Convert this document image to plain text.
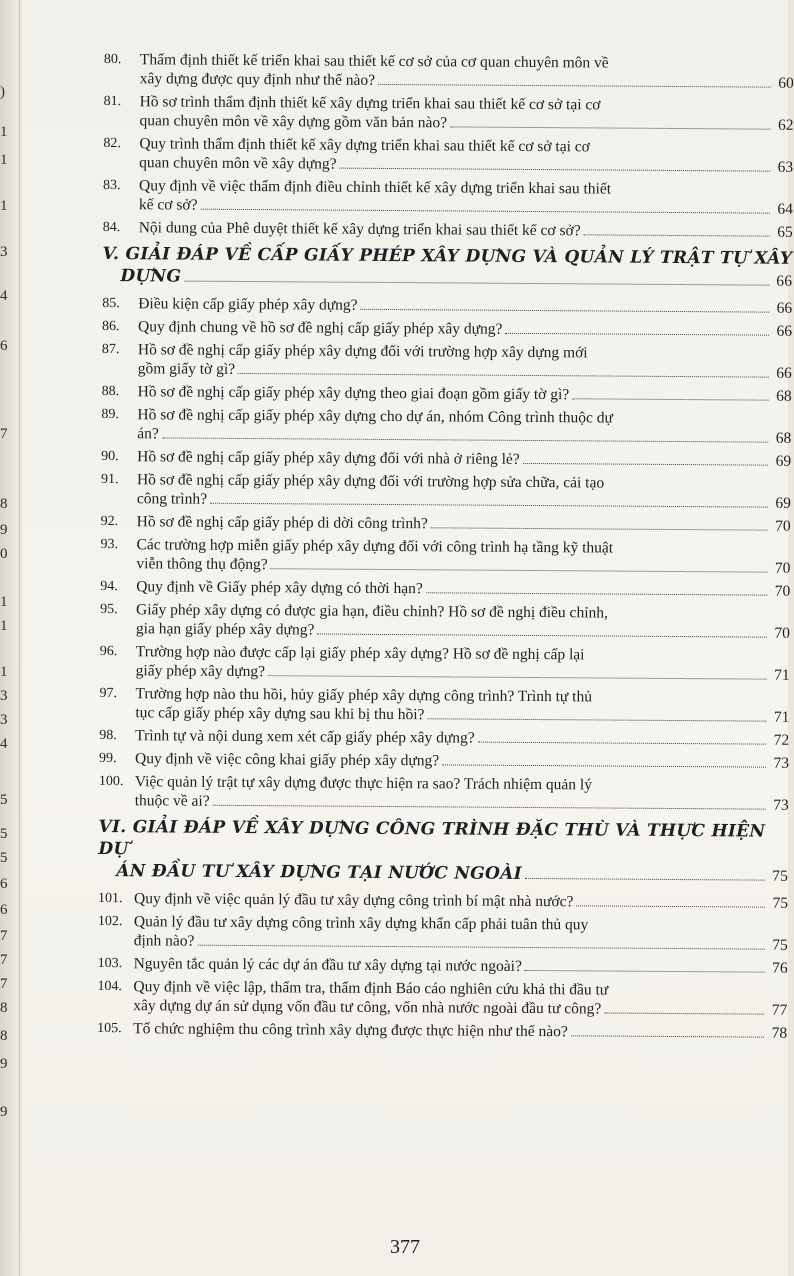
)
1
1
1
3
4
6
7
8
9
0
1
1
1
3
3
4
5
5
5
6
6
7
7
7
8
8
9
9
80.	Thẩm định thiết kế triển khai sau thiết kế cơ sở của cơ quan chuyên môn về
xây dựng được quy định như thế nào?	60
81.	Hồ sơ trình thẩm định thiết kế xây dựng triển khai sau thiết kế cơ sở tại cơ
quan chuyên môn về xây dựng gồm văn bản nào?	62
82.	Quy trình thẩm định thiết kế xây dựng triển khai sau thiết kế cơ sở tại cơ
quan chuyên môn về xây dựng?	63
83.	Quy định về việc thẩm định điều chỉnh thiết kế xây dựng triển khai sau thiết
kế cơ sở?	64
84.	Nội dung của Phê duyệt thiết kế xây dựng triển khai sau thiết kế cơ sở?	65
V. GIẢI ĐÁP VỀ CẤP GIẤY PHÉP XÂY DỰNG VÀ QUẢN LÝ TRẬT TỰ XÂY
DỰNG	66
85.	Điều kiện cấp giấy phép xây dựng?	66
86.	Quy định chung về hồ sơ đề nghị cấp giấy phép xây dựng?	66
87.	Hồ sơ đề nghị cấp giấy phép xây dựng đối với trường hợp xây dựng mới
gồm giấy tờ gì?	66
88.	Hồ sơ đề nghị cấp giấy phép xây dựng theo giai đoạn gồm giấy tờ gì?	68
89.	Hồ sơ đề nghị cấp giấy phép xây dựng cho dự án, nhóm Công trình thuộc dự
án?	68
90.	Hồ sơ đề nghị cấp giấy phép xây dựng đối với nhà ở riêng lẻ?	69
91.	Hồ sơ đề nghị cấp giấy phép xây dựng đối với trường hợp sửa chữa, cải tạo
công trình?	69
92.	Hồ sơ đề nghị cấp giấy phép di dời công trình?	70
93.	Các trường hợp miễn giấy phép xây dựng đối với công trình hạ tầng kỹ thuật
viễn thông thụ động?	70
94.	Quy định về Giấy phép xây dựng có thời hạn?	70
95.	Giấy phép xây dựng có được gia hạn, điều chỉnh? Hồ sơ đề nghị điều chỉnh,
gia hạn giấy phép xây dựng?	70
96.	Trường hợp nào được cấp lại giấy phép xây dựng? Hồ sơ đề nghị cấp lại
giấy phép xây dựng?	71
97.	Trường hợp nào thu hồi, hủy giấy phép xây dựng công trình? Trình tự thủ
tục cấp giấy phép xây dựng sau khi bị thu hồi?	71
98.	Trình tự và nội dung xem xét cấp giấy phép xây dựng?	72
99.	Quy định về việc công khai giấy phép xây dựng?	73
100. Việc quản lý trật tự xây dựng được thực hiện ra sao? Trách nhiệm quản lý
thuộc về ai?	73
VI. GIẢI ĐÁP VỀ XÂY DỰNG CÔNG TRÌNH ĐẶC THÙ VÀ THỰC HIỆN DỰ
ÁN ĐẦU TƯ XÂY DỰNG TẠI NƯỚC NGOÀI	75
101. Quy định về việc quản lý đầu tư xây dựng công trình bí mật nhà nước?	75
102. Quản lý đầu tư xây dựng công trình xây dựng khẩn cấp phải tuân thủ quy
định nào?	75
103. Nguyên tắc quản lý các dự án đầu tư xây dựng tại nước ngoài?	76
104. Quy định về việc lập, thẩm tra, thẩm định Báo cáo nghiên cứu khả thi đầu tư
xây dựng dự án sử dụng vốn đầu tư công, vốn nhà nước ngoài đầu tư công?	77
105. Tổ chức nghiệm thu công trình xây dựng được thực hiện như thế nào?	78
377
